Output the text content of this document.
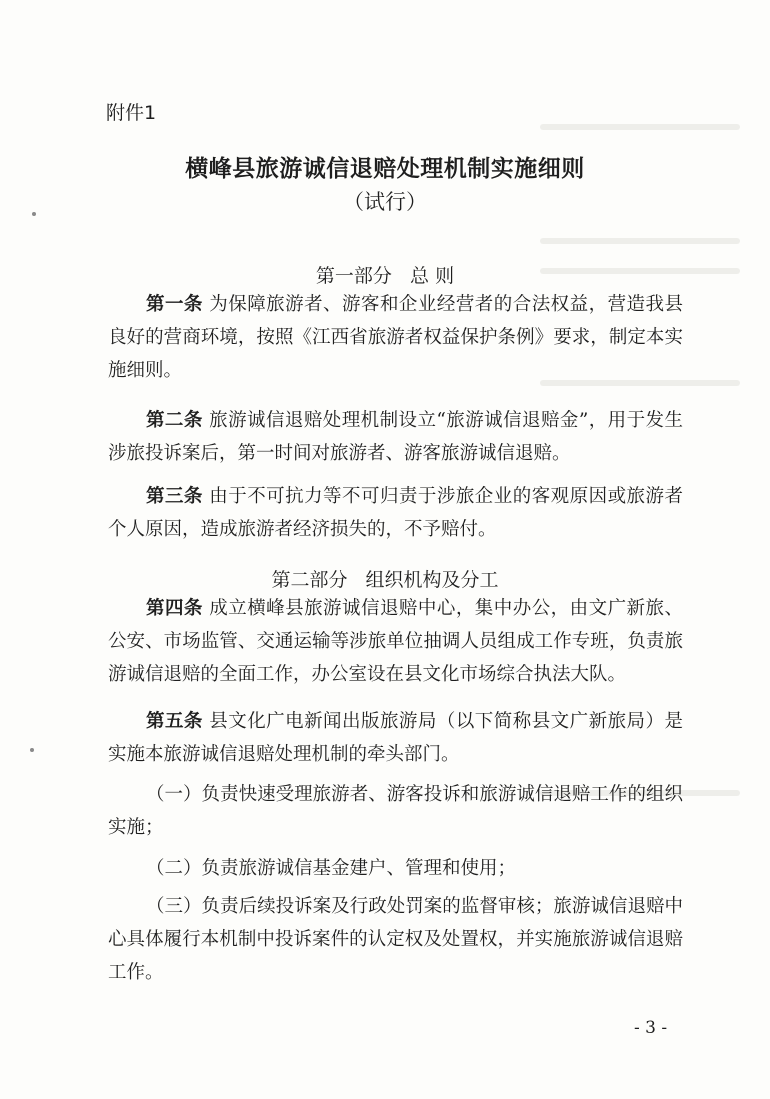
附件1
横峰县旅游诚信退赔处理机制实施细则
（试行）
第一部分   总 则
第一条 为保障旅游者、游客和企业经营者的合法权益，营造我县良好的营商环境，按照《江西省旅游者权益保护条例》要求，制定本实施细则。
第二条 旅游诚信退赔处理机制设立“旅游诚信退赔金”，用于发生涉旅投诉案后，第一时间对旅游者、游客旅游诚信退赔。
第三条 由于不可抗力等不可归责于涉旅企业的客观原因或旅游者个人原因，造成旅游者经济损失的，不予赔付。
第二部分   组织机构及分工
第四条 成立横峰县旅游诚信退赔中心，集中办公，由文广新旅、公安、市场监管、交通运输等涉旅单位抽调人员组成工作专班，负责旅游诚信退赔的全面工作，办公室设在县文化市场综合执法大队。
第五条 县文化广电新闻出版旅游局（以下简称县文广新旅局）是实施本旅游诚信退赔处理机制的牵头部门。
（一）负责快速受理旅游者、游客投诉和旅游诚信退赔工作的组织实施；
（二）负责旅游诚信基金建户、管理和使用；
（三）负责后续投诉案及行政处罚案的监督审核；旅游诚信退赔中心具体履行本机制中投诉案件的认定权及处置权，并实施旅游诚信退赔工作。
- 3 -
